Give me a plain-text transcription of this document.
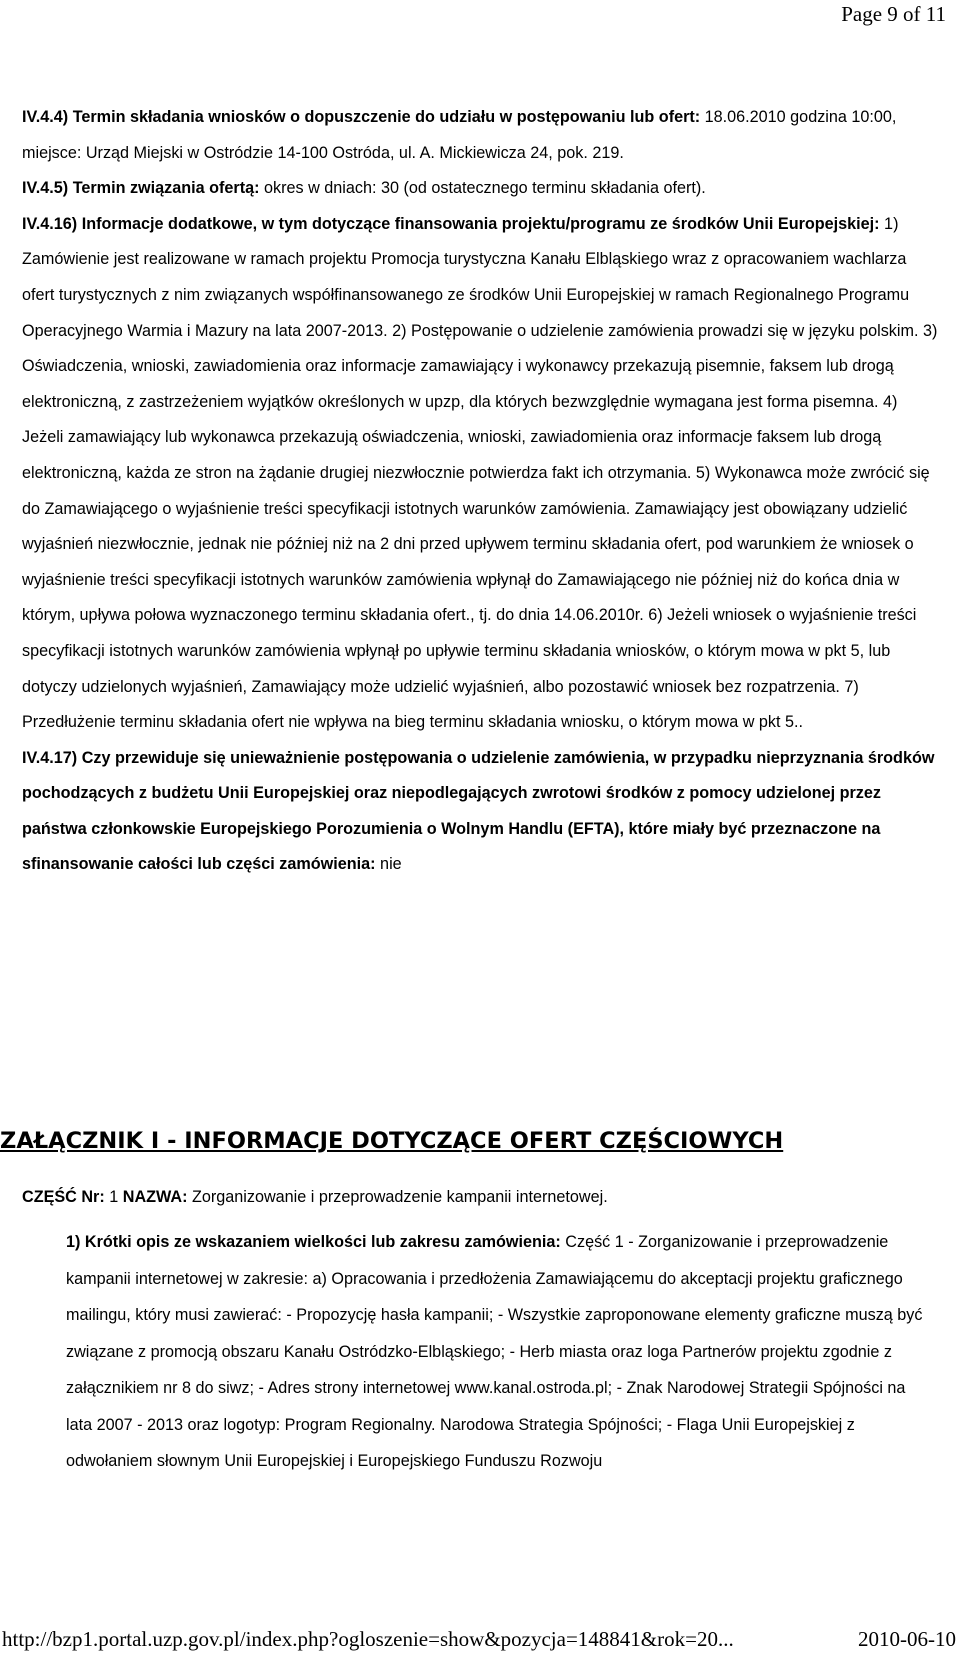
Page 9 of 11

IV.4.4) Termin składania wniosków o dopuszczenie do udziału w postępowaniu lub ofert: 18.06.2010 godzina 10:00, miejsce: Urząd Miejski w Ostródzie 14-100 Ostróda, ul. A. Mickiewicza 24, pok. 219.

IV.4.5) Termin związania ofertą: okres w dniach: 30 (od ostatecznego terminu składania ofert).

IV.4.16) Informacje dodatkowe, w tym dotyczące finansowania projektu/programu ze środków Unii Europejskiej: 1) Zamówienie jest realizowane w ramach projektu Promocja turystyczna Kanału Elbląskiego wraz z opracowaniem wachlarza ofert turystycznych z nim związanych współfinansowanego ze środków Unii Europejskiej w ramach Regionalnego Programu Operacyjnego Warmia i Mazury na lata 2007-2013. 2) Postępowanie o udzielenie zamówienia prowadzi się w języku polskim. 3) Oświadczenia, wnioski, zawiadomienia oraz informacje zamawiający i wykonawcy przekazują pisemnie, faksem lub drogą elektroniczną, z zastrzeżeniem wyjątków określonych w upzp, dla których bezwzględnie wymagana jest forma pisemna. 4) Jeżeli zamawiający lub wykonawca przekazują oświadczenia, wnioski, zawiadomienia oraz informacje faksem lub drogą elektroniczną, każda ze stron na żądanie drugiej niezwłocznie potwierdza fakt ich otrzymania. 5) Wykonawca może zwrócić się do Zamawiającego o wyjaśnienie treści specyfikacji istotnych warunków zamówienia. Zamawiający jest obowiązany udzielić wyjaśnień niezwłocznie, jednak nie później niż na 2 dni przed upływem terminu składania ofert, pod warunkiem że wniosek o wyjaśnienie treści specyfikacji istotnych warunków zamówienia wpłynął do Zamawiającego nie później niż do końca dnia w którym, upływa połowa wyznaczonego terminu składania ofert., tj. do dnia 14.06.2010r. 6) Jeżeli wniosek o wyjaśnienie treści specyfikacji istotnych warunków zamówienia wpłynął po upływie terminu składania wniosków, o którym mowa w pkt 5, lub dotyczy udzielonych wyjaśnień, Zamawiający może udzielić wyjaśnień, albo pozostawić wniosek bez rozpatrzenia. 7) Przedłużenie terminu składania ofert nie wpływa na bieg terminu składania wniosku, o którym mowa w pkt 5..

IV.4.17) Czy przewiduje się unieważnienie postępowania o udzielenie zamówienia, w przypadku nieprzyznania środków pochodzących z budżetu Unii Europejskiej oraz niepodlegających zwrotowi środków z pomocy udzielonej przez państwa członkowskie Europejskiego Porozumienia o Wolnym Handlu (EFTA), które miały być przeznaczone na sfinansowanie całości lub części zamówienia: nie

ZAŁĄCZNIK I - INFORMACJE DOTYCZĄCE OFERT CZĘŚCIOWYCH
CZĘŚĆ Nr: 1 NAZWA: Zorganizowanie i przeprowadzenie kampanii internetowej.

1) Krótki opis ze wskazaniem wielkości lub zakresu zamówienia: Część 1 - Zorganizowanie i przeprowadzenie kampanii internetowej w zakresie: a) Opracowania i przedłożenia Zamawiającemu do akceptacji projektu graficznego mailingu, który musi zawierać: - Propozycję hasła kampanii; - Wszystkie zaproponowane elementy graficzne muszą być związane z promocją obszaru Kanału Ostródzko-Elbląskiego; - Herb miasta oraz loga Partnerów projektu zgodnie z załącznikiem nr 8 do siwz; - Adres strony internetowej www.kanal.ostroda.pl; - Znak Narodowej Strategii Spójności na lata 2007 - 2013 oraz logotyp: Program Regionalny. Narodowa Strategia Spójności; - Flaga Unii Europejskiej z odwołaniem słownym Unii Europejskiej i Europejskiego Funduszu Rozwoju

http://bzp1.portal.uzp.gov.pl/index.php?ogloszenie=show&pozycja=148841&rok=20...	2010-06-10
